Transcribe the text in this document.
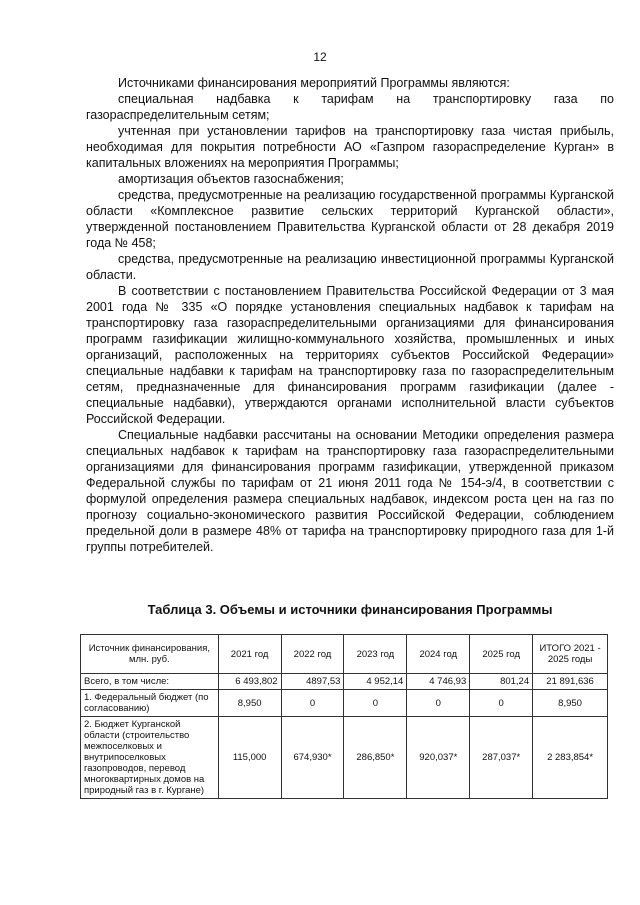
12

Источниками финансирования мероприятий Программы являются:

специальная надбавка к тарифам на транспортировку газа по газораспределительным сетям;

учтенная при установлении тарифов на транспортировку газа чистая прибыль, необходимая для покрытия потребности АО «Газпром газораспределение Курган» в капитальных вложениях на мероприятия Программы;

амортизация объектов газоснабжения;

средства, предусмотренные на реализацию государственной программы Курганской области «Комплексное развитие сельских территорий Курганской области», утвержденной постановлением Правительства Курганской области от 28 декабря 2019 года № 458;

средства, предусмотренные на реализацию инвестиционной программы Курганской области.

В соответствии с постановлением Правительства Российской Федерации от 3 мая 2001 года № 335 «О порядке установления специальных надбавок к тарифам на транспортировку газа газораспределительными организациями для финансирования программ газификации жилищно-коммунального хозяйства, промышленных и иных организаций, расположенных на территориях субъектов Российской Федерации» специальные надбавки к тарифам на транспортировку газа по газораспределительным сетям, предназначенные для финансирования программ газификации (далее - специальные надбавки), утверждаются органами исполнительной власти субъектов Российской Федерации.

Специальные надбавки рассчитаны на основании Методики определения размера специальных надбавок к тарифам на транспортировку газа газораспределительными организациями для финансирования программ газификации, утвержденной приказом Федеральной службы по тарифам от 21 июня 2011 года № 154-э/4, в соответствии с формулой определения размера специальных надбавок, индексом роста цен на газ по прогнозу социально-экономического развития Российской Федерации, соблюдением предельной доли в размере 48% от тарифа на транспортировку природного газа для 1-й группы потребителей.

Таблица 3. Объемы и источники финансирования Программы
Источник финансирования, млн. руб.	2021 год	2022 год	2023 год	2024 год	2025 год	ИТОГО 2021 - 2025 годы
Всего, в том числе:	6 493,802	4897,53	4 952,14	4 746,93	801,24	21 891,636
1. Федеральный бюджет (по согласованию)	8,950	0	0	0	0	8,950
2. Бюджет Курганской области (строительство межпоселковых и внутрипоселковых газопроводов, перевод многоквартирных домов на природный газ в г. Кургане)	115,000	674,930*	286,850*	920,037*	287,037*	2 283,854*
